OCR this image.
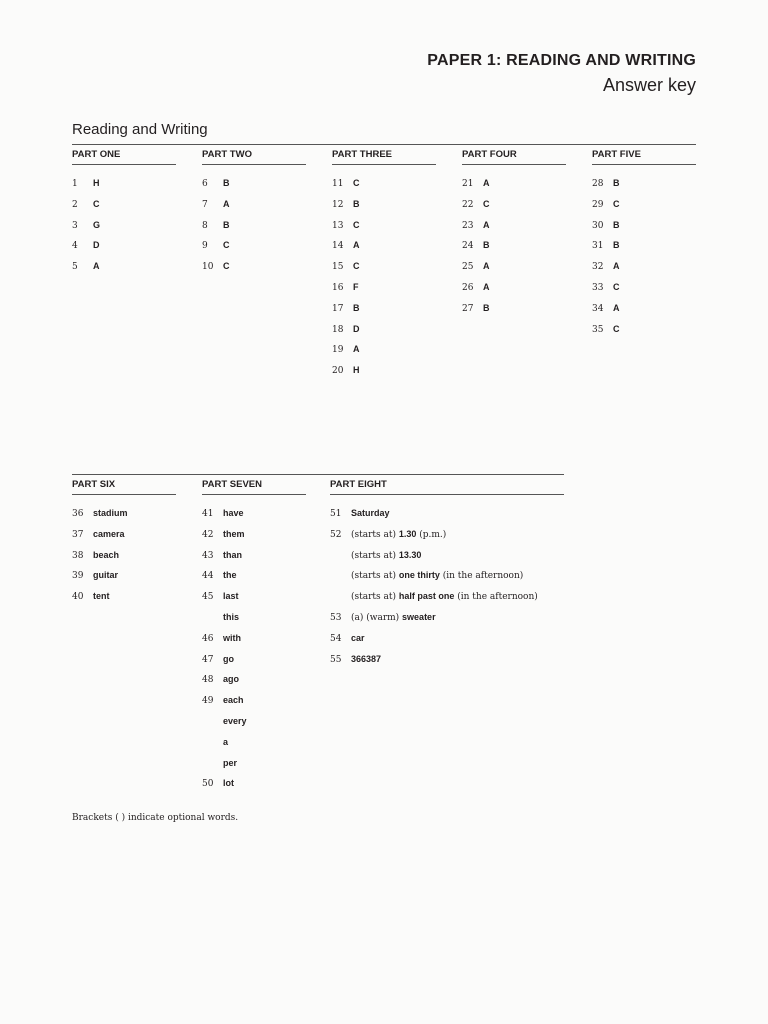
PAPER 1: READING AND WRITING
Answer key
Reading and Writing
PART ONE
1 H
2 C
3 G
4 D
5 A
PART TWO
6 B
7 A
8 B
9 C
10 C
PART THREE
11 C
12 B
13 C
14 A
15 C
16 F
17 B
18 D
19 A
20 H
PART FOUR
21 A
22 C
23 A
24 B
25 A
26 A
27 B
PART FIVE
28 B
29 C
30 B
31 B
32 A
33 C
34 A
35 C
PART SIX
36 stadium
37 camera
38 beach
39 guitar
40 tent
PART SEVEN
41 have
42 them
43 than
44 the
45 last
this
46 with
47 go
48 ago
49 each
every
a
per
50 lot
PART EIGHT
51 Saturday
52 (starts at) 1.30 (p.m.)
(starts at) 13.30
(starts at) one thirty (in the afternoon)
(starts at) half past one (in the afternoon)
53 (a) (warm) sweater
54 car
55 366387

Brackets ( ) indicate optional words.
